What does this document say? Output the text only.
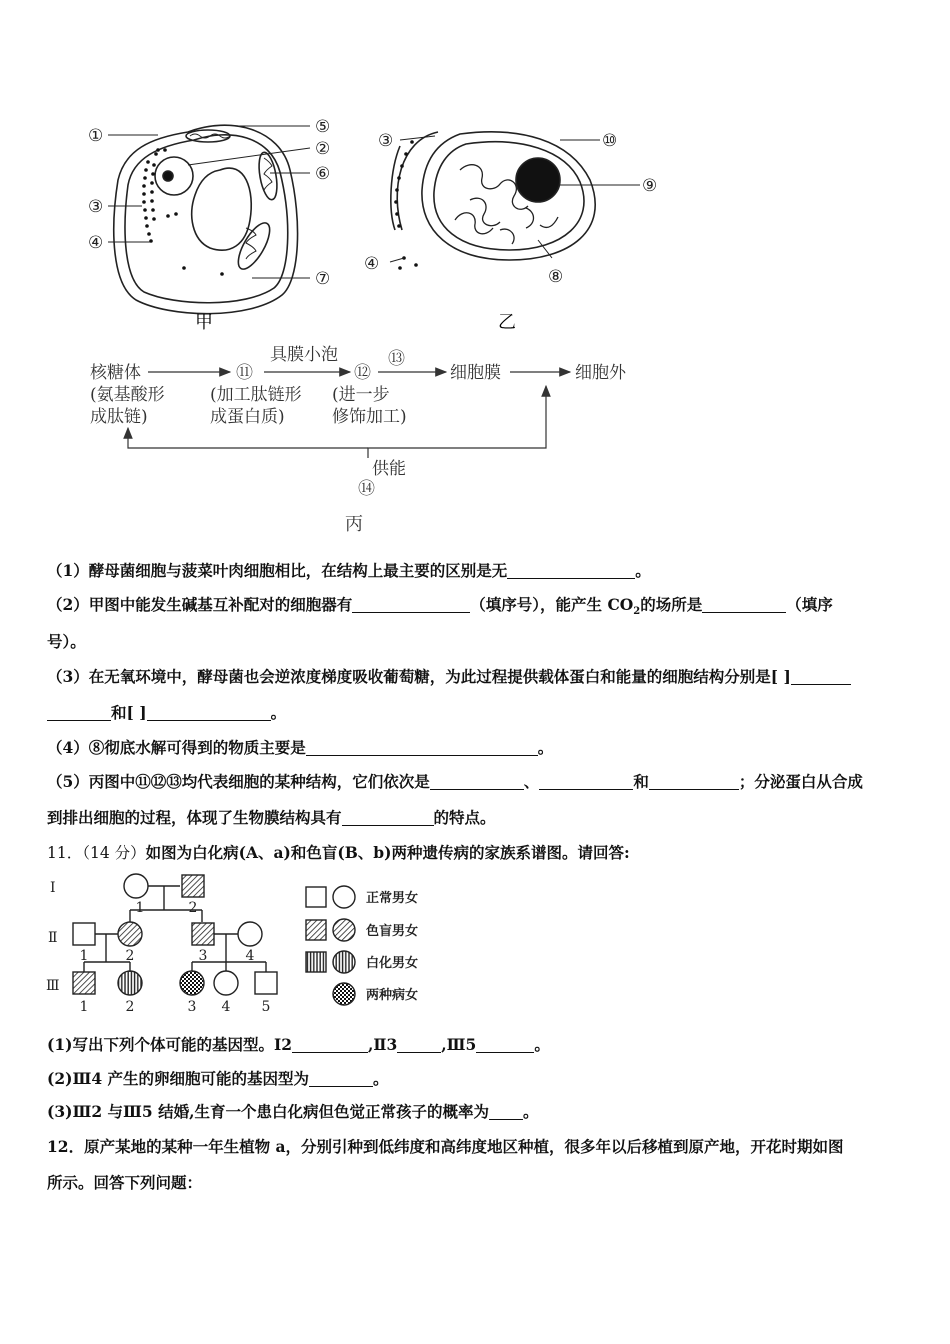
①	⑤
②
⑥
③
④
⑦
甲
③	⑩
⑨
⑧
④
乙
核糖体
(氨基酸形
成肽链)
⑪
具膜小泡
(加工肽链形
成蛋白质)
⑫
⑬
(进一步
修饰加工)
细胞膜	细胞外
供能
⑭
丙
（1）酵母菌细胞与菠菜叶肉细胞相比，在结构上最主要的区别是无	。
（2）甲图中能发生碱基互补配对的细胞器有	（填序号），能产生 $CO_2$的场所是	（填序
号）。
（3）在无氧环境中，酵母菌也会逆浓度梯度吸收葡萄糖，为此过程提供载体蛋白和能量的细胞结构分别是[ ]
和[ ]	。
（4）⑧彻底水解可得到的物质主要是	。
（5）丙图中⑪⑫⑬均代表细胞的某种结构，它们依次是	、	和	；分泌蛋白从合成
到排出细胞的过程，体现了生物膜结构具有	的特点。
11．（14 分）如图为白化病(A、a)和色盲(B、b)两种遗传病的家族系谱图。请回答:
Ⅰ
Ⅱ
Ⅲ
1	2
1	2	3	4
1	2	3 4 5
正常男女
色盲男女
白化男女
两种病女
(1)写出下列个体可能的基因型。Ⅰ2	,Ⅱ3	,Ⅲ5	。
(2)Ⅲ4 产生的卵细胞可能的基因型为	。
(3)Ⅲ2 与Ⅲ5 结婚,生育一个患白化病但色觉正常孩子的概率为 。
12．原产某地的某种一年生植物 a，分别引种到低纬度和高纬度地区种植，很多年以后移植到原产地，开花时期如图
所示。回答下列问题：
